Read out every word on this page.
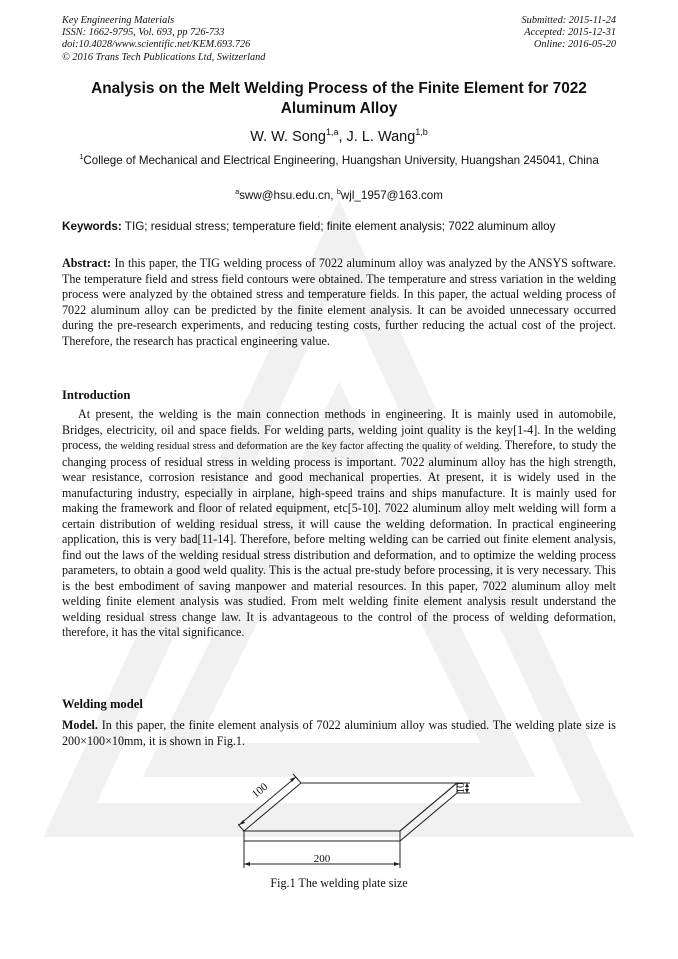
Key Engineering Materials
ISSN: 1662-9795, Vol. 693, pp 726-733
doi:10.4028/www.scientific.net/KEM.693.726
© 2016 Trans Tech Publications Ltd, Switzerland
Submitted: 2015-11-24
Accepted: 2015-12-31
Online: 2016-05-20
Analysis on the Melt Welding Process of the Finite Element for 7022 Aluminum Alloy
W. W. Song$^{1,a}$, J. L. Wang$^{1,b}$
$^1$College of Mechanical and Electrical Engineering, Huangshan University, Huangshan 245041, China
$^a$sww@hsu.edu.cn, $^b$wjl_1957@163.com
Keywords: TIG; residual stress; temperature field; finite element analysis; 7022 aluminum alloy
Abstract: In this paper, the TIG welding process of 7022 aluminum alloy was analyzed by the ANSYS software. The temperature field and stress field contours were obtained. The temperature and stress variation in the welding process were analyzed by the obtained stress and temperature fields. In this paper, the actual welding process of 7022 aluminum alloy can be predicted by the finite element analysis. It can be avoided unnecessary occurred during the pre-research experiments, and reducing testing costs, further reducing the actual cost of the project. Therefore, the research has practical engineering value.
Introduction
At present, the welding is the main connection methods in engineering. It is mainly used in automobile, Bridges, electricity, oil and space fields. For welding parts, welding joint quality is the key[1-4]. In the welding process, the welding residual stress and deformation are the key factor affecting the quality of welding. Therefore, to study the changing process of residual stress in welding process is important. 7022 aluminum alloy has the high strength, wear resistance, corrosion resistance and good mechanical properties. At present, it is widely used in the manufacturing industry, especially in airplane, high-speed trains and ships manufacture. It is mainly used for making the framework and floor of related equipment, etc[5-10]. 7022 aluminum alloy melt welding will form a certain distribution of welding residual stress, it will cause the welding deformation. In practical engineering application, this is very bad[11-14]. Therefore, before melting welding can be carried out finite element analysis, find out the laws of the welding residual stress distribution and deformation, and to optimize the welding process parameters, to obtain a good weld quality. This is the actual pre-study before processing, it is very necessary. This is the best embodiment of saving manpower and material resources. In this paper, 7022 aluminum alloy melt welding finite element analysis was studied. From melt welding finite element analysis result understand the welding residual stress change law. It is advantageous to the control of the process of welding deformation, therefore, it has the vital significance.
Welding model
Model. In this paper, the finite element analysis of 7022 aluminium alloy was studied. The welding plate size is 200×100×10mm, it is shown in Fig.1.
200
100	10
Fig.1 The welding plate size
